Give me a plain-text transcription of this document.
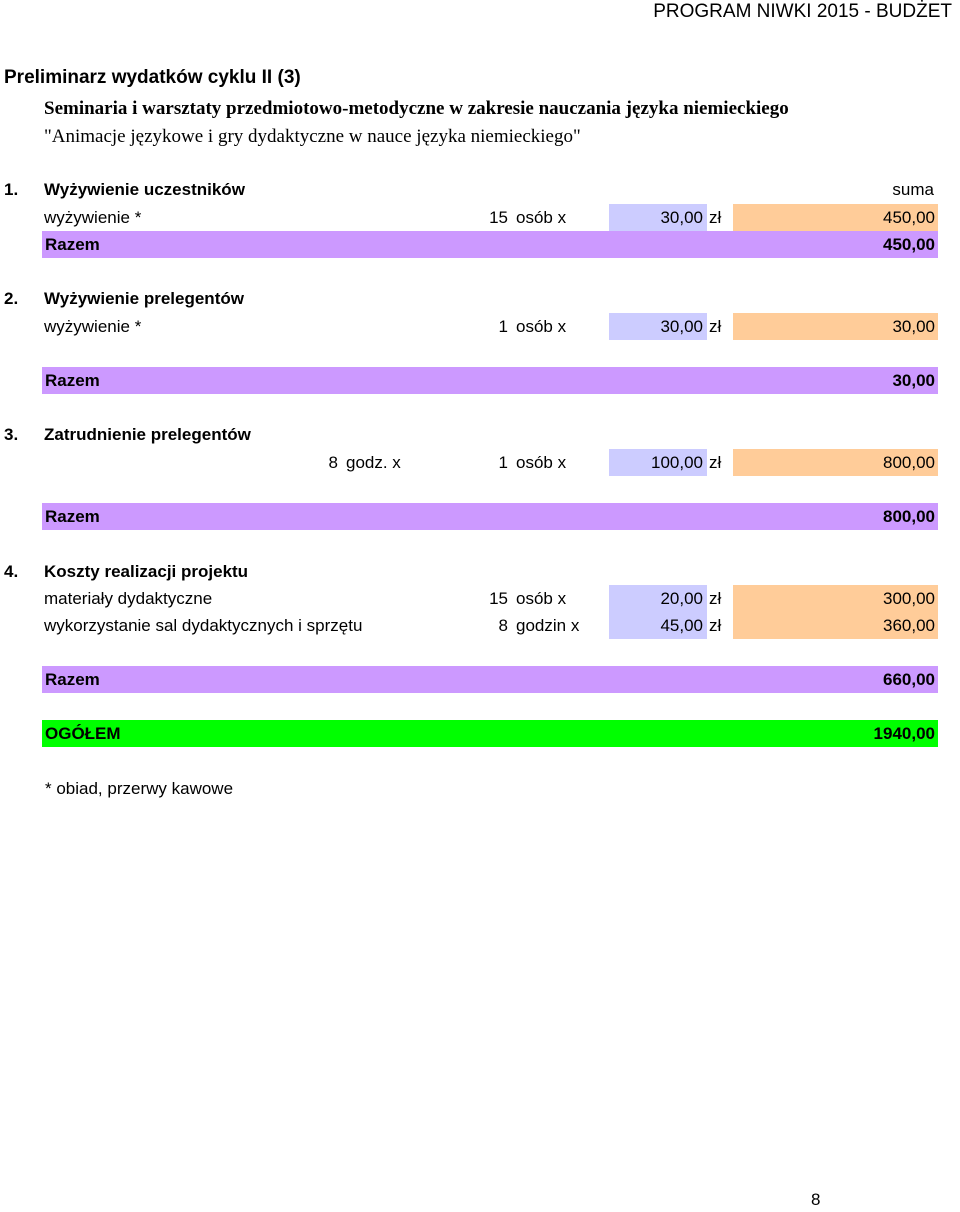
PROGRAM NIWKI 2015 - BUDŻET
Preliminarz wydatków cyklu II (3)
Seminaria i warsztaty przedmiotowo-metodyczne w zakresie nauczania języka niemieckiego
"Animacje językowe i gry dydaktyczne w nauce języka niemieckiego"
1. Wyżywienie uczestników	suma
wyżywienie *	15 osób x	30,00 zł	450,00
Razem	450,00
2. Wyżywienie prelegentów
wyżywienie *	1 osób x	30,00 zł	30,00
Razem	30,00
3. Zatrudnienie prelegentów
8 godz. x	1 osób x	100,00 zł	800,00
Razem	800,00
4. Koszty realizacji projektu
materiały dydaktyczne	15 osób x	20,00 zł	300,00
wykorzystanie sal dydaktycznych i sprzętu	8 godzin x	45,00 zł	360,00
Razem	660,00
OGÓŁEM	1940,00
* obiad, przerwy kawowe
8
